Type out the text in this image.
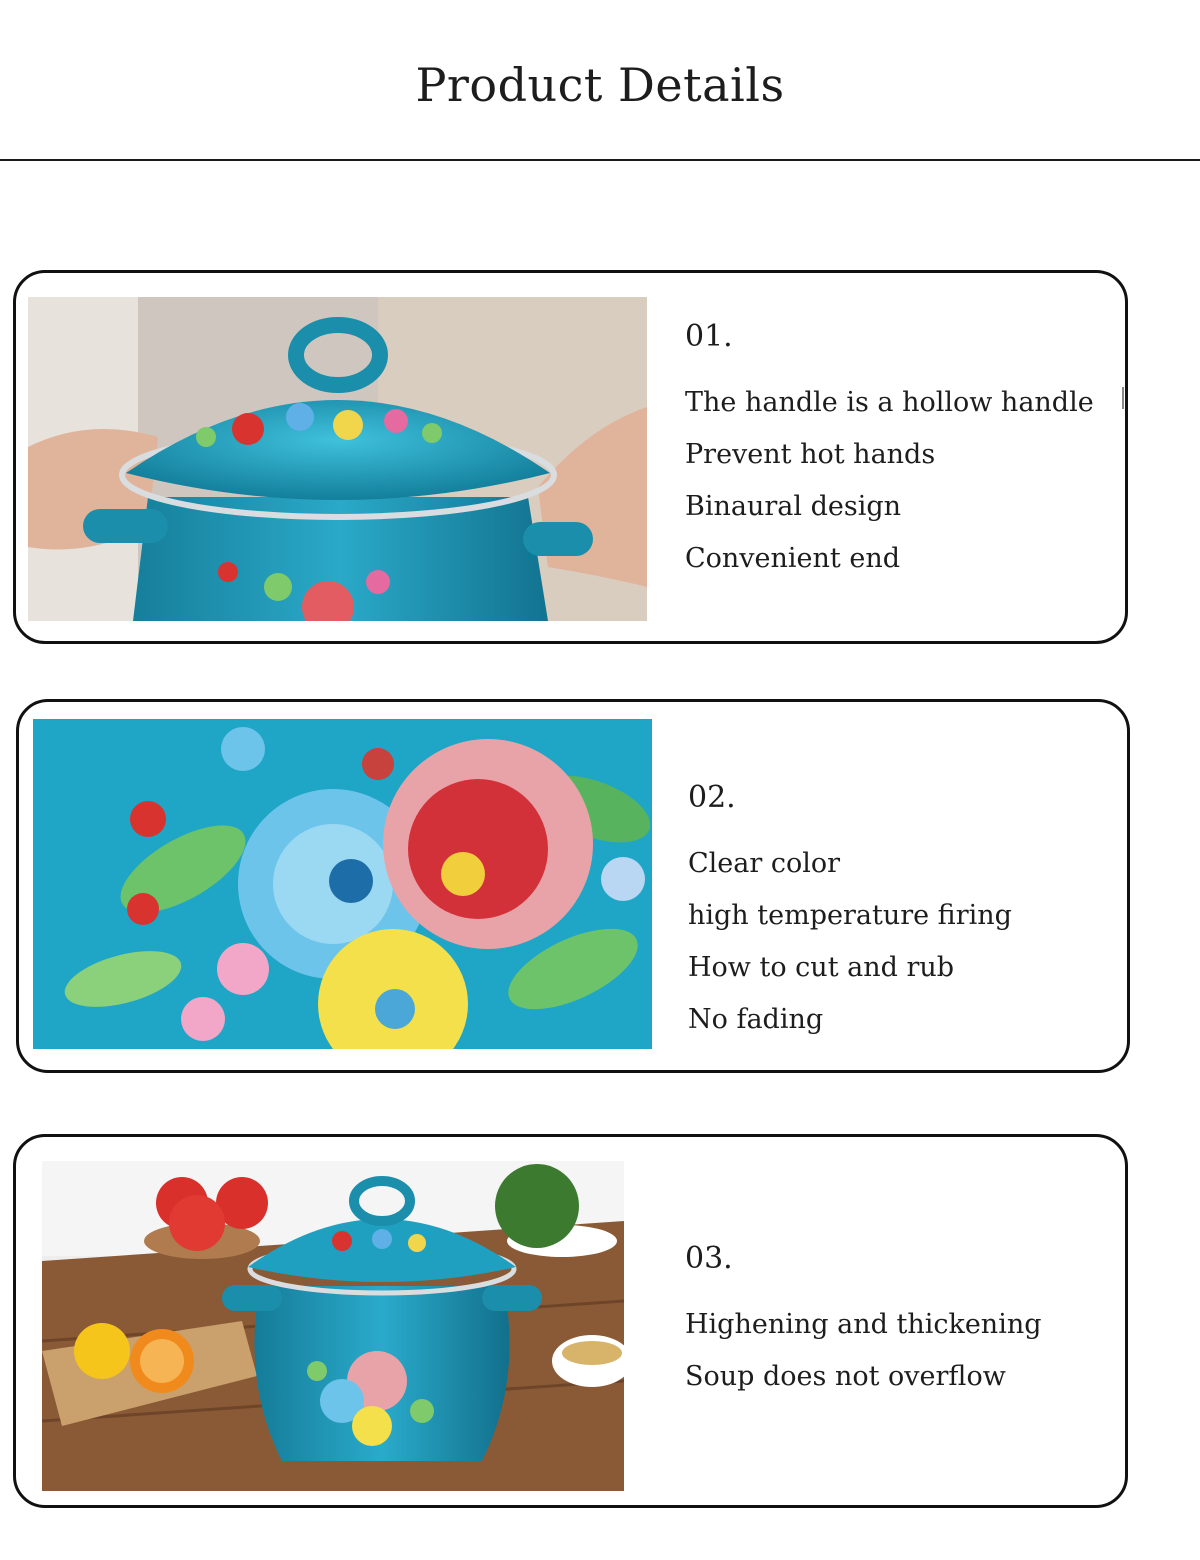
Product Details

01.

The handle is a hollow handle

Prevent hot hands

Binaural design

Convenient end

02.

Clear color

high temperature firing

How to cut and rub

No fading

03.

Highening and thickening

Soup does not overflow
